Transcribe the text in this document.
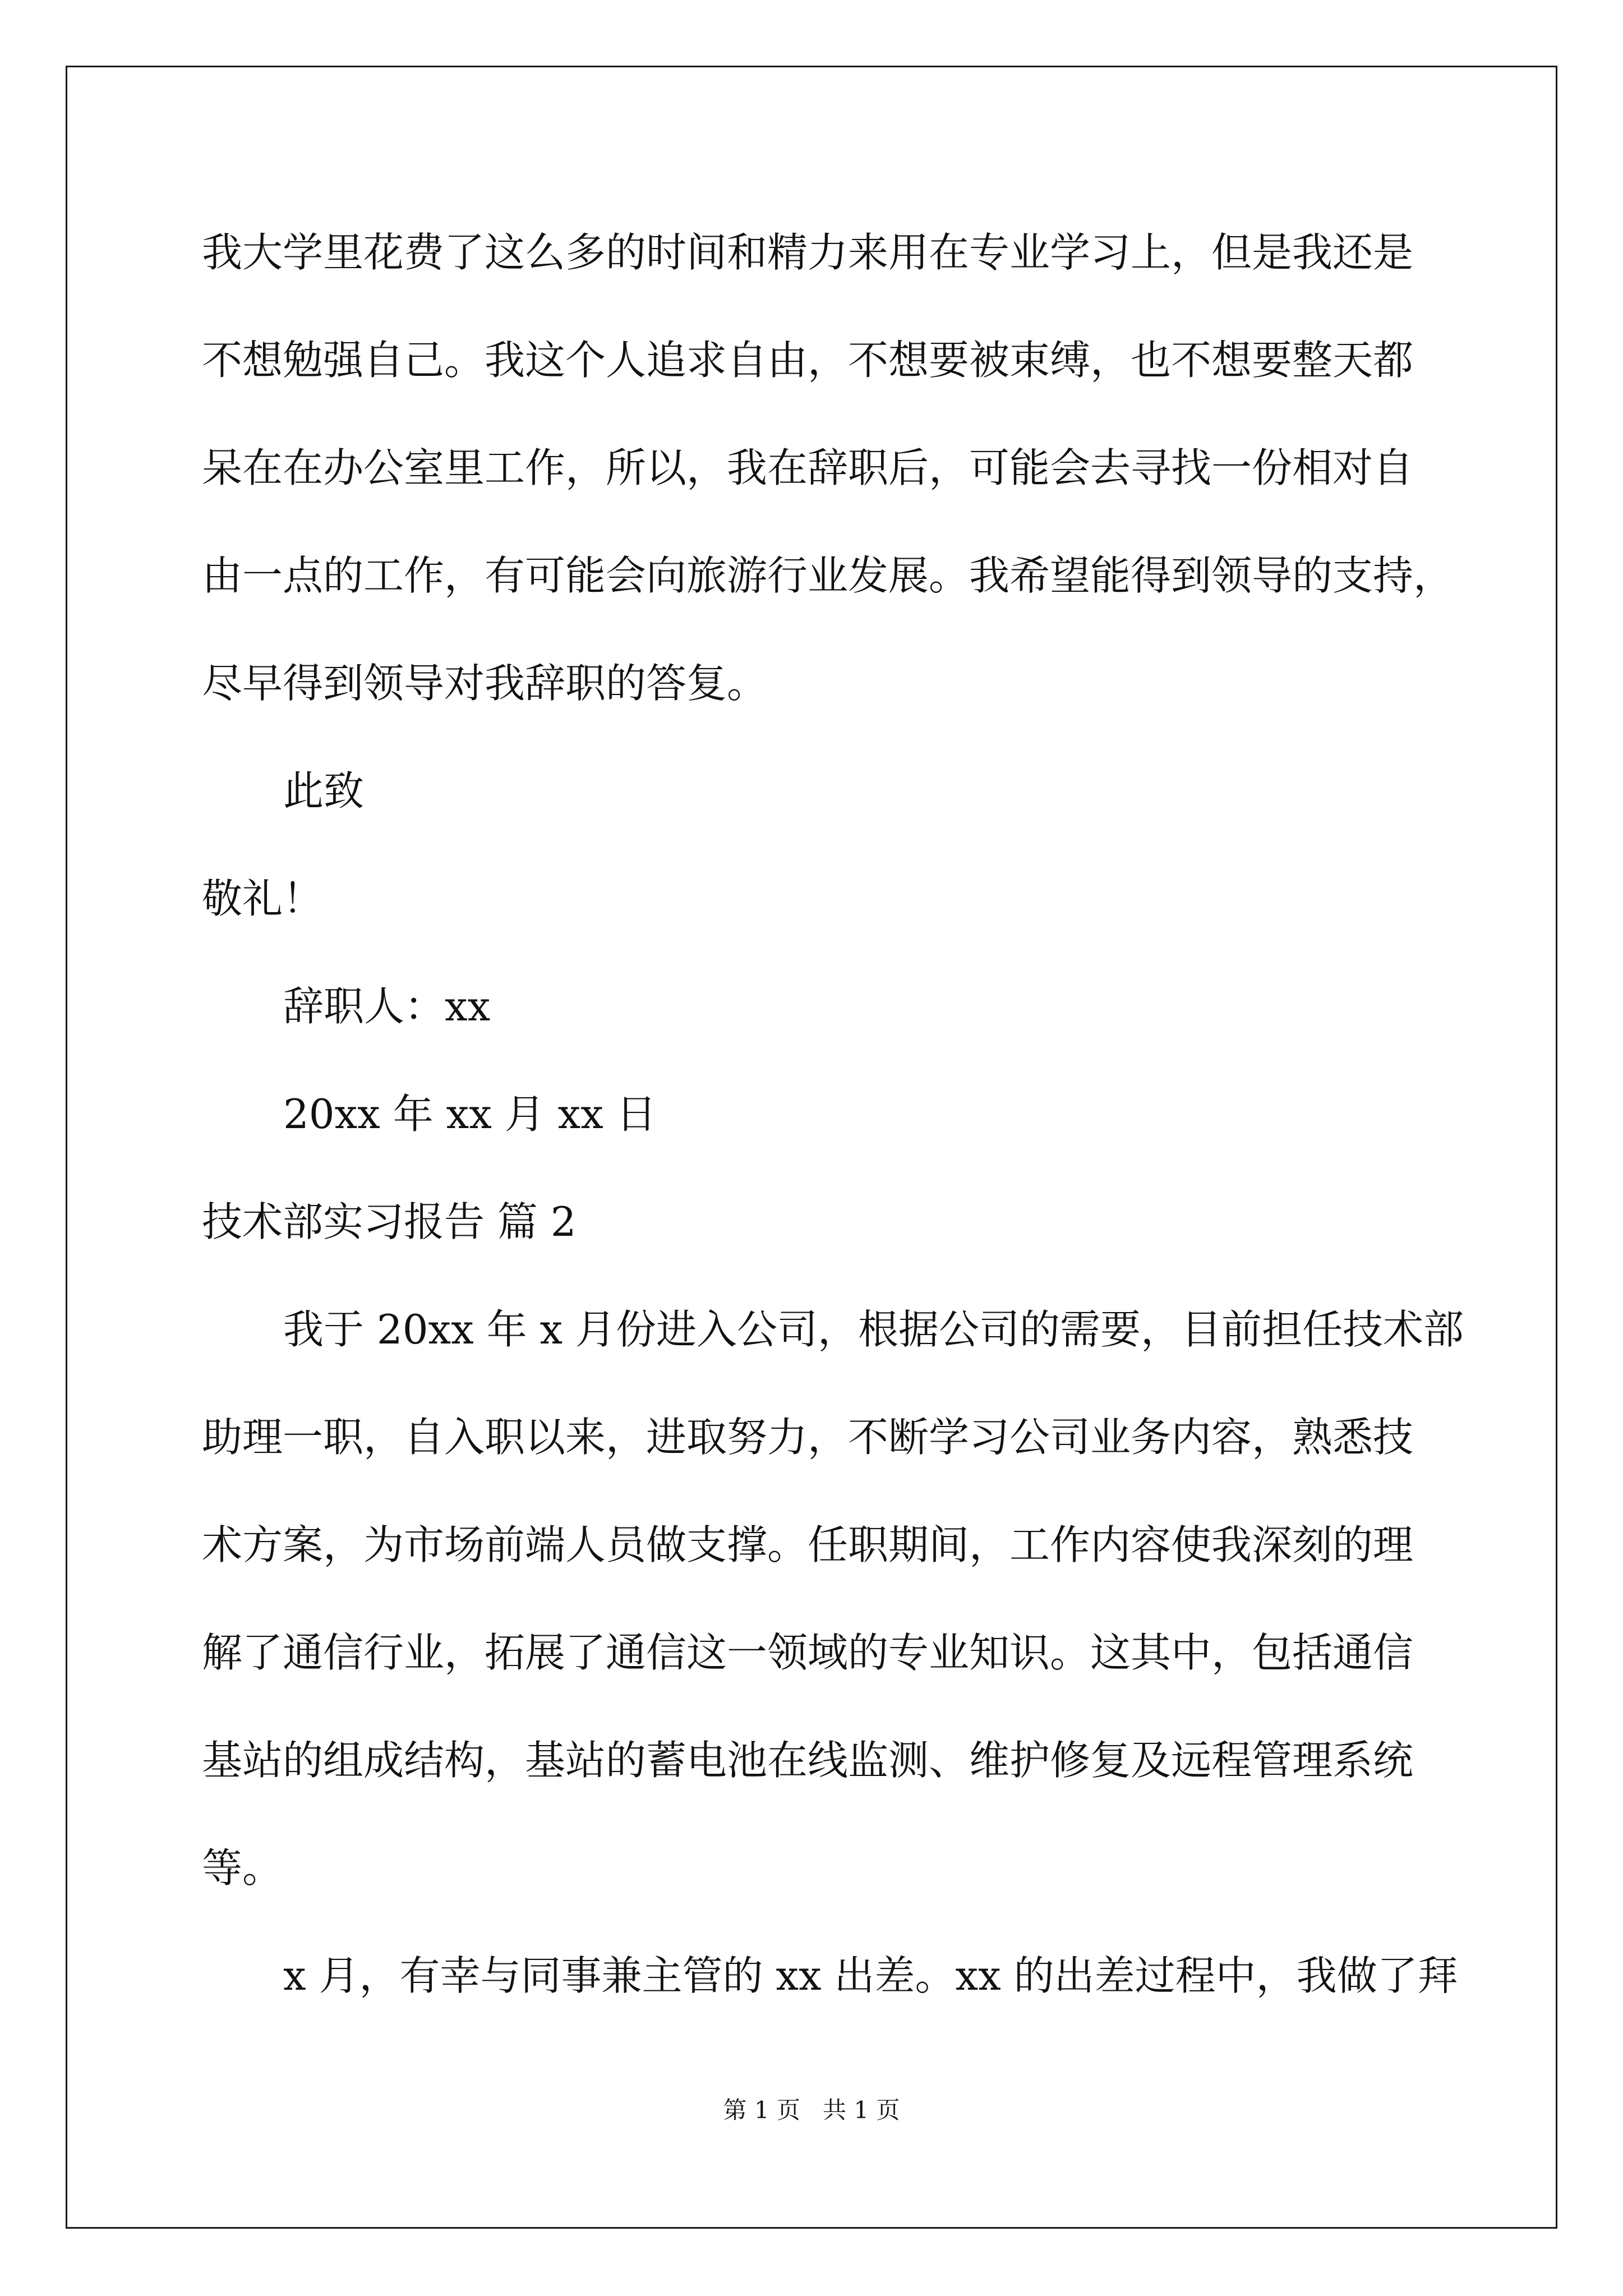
我大学里花费了这么多的时间和精力来用在专业学习上，但是我还是
不想勉强自己。我这个人追求自由，不想要被束缚，也不想要整天都
呆在在办公室里工作，所以，我在辞职后，可能会去寻找一份相对自
由一点的工作，有可能会向旅游行业发展。我希望能得到领导的支持，
尽早得到领导对我辞职的答复。
此致
敬礼！
辞职人：xx
20xx 年 xx 月 xx 日
技术部实习报告 篇 2
我于 20xx 年 x 月份进入公司，根据公司的需要，目前担任技术部
助理一职，自入职以来，进取努力，不断学习公司业务内容，熟悉技
术方案，为市场前端人员做支撑。任职期间，工作内容使我深刻的理
解了通信行业，拓展了通信这一领域的专业知识。这其中，包括通信
基站的组成结构，基站的蓄电池在线监测、维护修复及远程管理系统
等。
x 月，有幸与同事兼主管的 xx 出差。xx 的出差过程中，我做了拜
第 1 页   共 1 页
